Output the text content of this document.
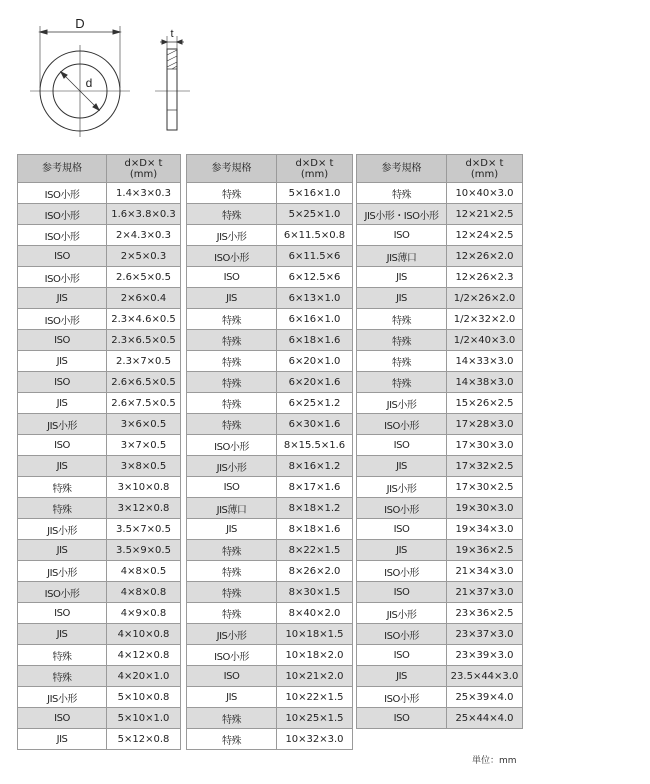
D
d
t
参考規格	d×D× t
(mm)
ISO小形	1.4×3×0.3
ISO小形	1.6×3.8×0.3
ISO小形	2×4.3×0.3
ISO	2×5×0.3
ISO小形	2.6×5×0.5
JIS	2×6×0.4
ISO小形	2.3×4.6×0.5
ISO	2.3×6.5×0.5
JIS	2.3×7×0.5
ISO	2.6×6.5×0.5
JIS	2.6×7.5×0.5
JIS小形	3×6×0.5
ISO	3×7×0.5
JIS	3×8×0.5
特殊	3×10×0.8
特殊	3×12×0.8
JIS小形	3.5×7×0.5
JIS	3.5×9×0.5
JIS小形	4×8×0.5
ISO小形	4×8×0.8
ISO	4×9×0.8
JIS	4×10×0.8
特殊	4×12×0.8
特殊	4×20×1.0
JIS小形	5×10×0.8
ISO	5×10×1.0
JIS	5×12×0.8
参考規格	d×D× t
(mm)
特殊	5×16×1.0
特殊	5×25×1.0
JIS小形	6×11.5×0.8
ISO小形	6×11.5×6
ISO	6×12.5×6
JIS	6×13×1.0
特殊	6×16×1.0
特殊	6×18×1.6
特殊	6×20×1.0
特殊	6×20×1.6
特殊	6×25×1.2
特殊	6×30×1.6
ISO小形	8×15.5×1.6
JIS小形	8×16×1.2
ISO	8×17×1.6
JIS薄口	8×18×1.2
JIS	8×18×1.6
特殊	8×22×1.5
特殊	8×26×2.0
特殊	8×30×1.5
特殊	8×40×2.0
JIS小形	10×18×1.5
ISO小形	10×18×2.0
ISO	10×21×2.0
JIS	10×22×1.5
特殊	10×25×1.5
特殊	10×32×3.0
参考規格	d×D× t
(mm)
特殊	10×40×3.0
JIS小形・ISO小形	12×21×2.5
ISO	12×24×2.5
JIS薄口	12×26×2.0
JIS	12×26×2.3
JIS	1/2×26×2.0
特殊	1/2×32×2.0
特殊	1/2×40×3.0
特殊	14×33×3.0
特殊	14×38×3.0
JIS小形	15×26×2.5
ISO小形	17×28×3.0
ISO	17×30×3.0
JIS	17×32×2.5
JIS小形	17×30×2.5
ISO小形	19×30×3.0
ISO	19×34×3.0
JIS	19×36×2.5
ISO小形	21×34×3.0
ISO	21×37×3.0
JIS小形	23×36×2.5
ISO小形	23×37×3.0
ISO	23×39×3.0
JIS	23.5×44×3.0
ISO小形	25×39×4.0
ISO	25×44×4.0
単位：mm
